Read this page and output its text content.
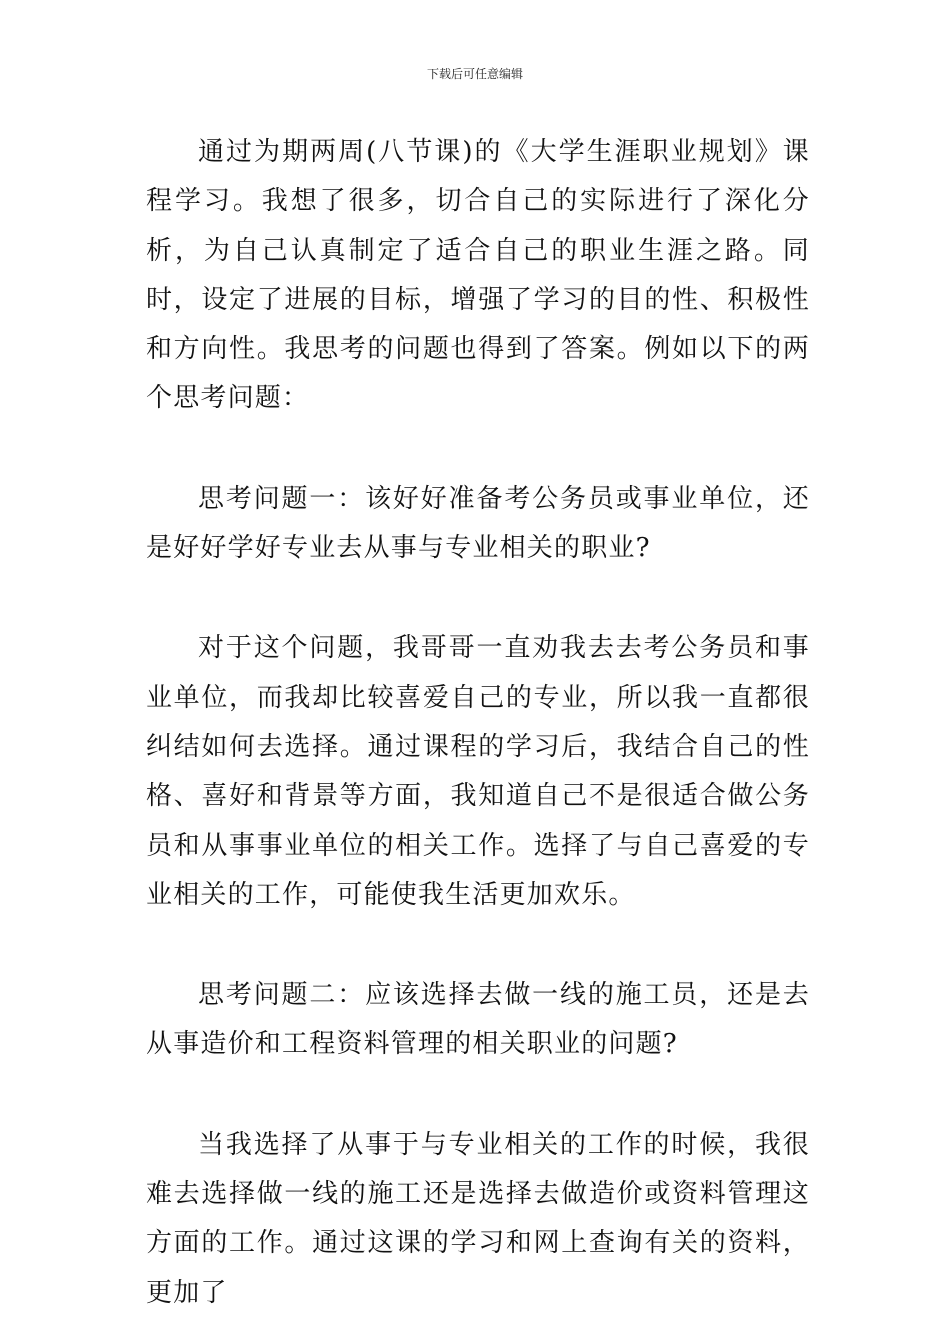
下载后可任意编辑

通过为期两周(八节课)的《大学生涯职业规划》课程学习。我想了很多，切合自己的实际进行了深化分析，为自己认真制定了适合自己的职业生涯之路。同时，设定了进展的目标，增强了学习的目的性、积极性和方向性。我思考的问题也得到了答案。例如以下的两个思考问题：

思考问题一：该好好准备考公务员或事业单位，还是好好学好专业去从事与专业相关的职业?

对于这个问题，我哥哥一直劝我去去考公务员和事业单位，而我却比较喜爱自己的专业，所以我一直都很纠结如何去选择。通过课程的学习后，我结合自己的性格、喜好和背景等方面，我知道自己不是很适合做公务员和从事事业单位的相关工作。选择了与自己喜爱的专业相关的工作，可能使我生活更加欢乐。

思考问题二：应该选择去做一线的施工员，还是去从事造价和工程资料管理的相关职业的问题?

当我选择了从事于与专业相关的工作的时候，我很难去选择做一线的施工还是选择去做造价或资料管理这方面的工作。通过这课的学习和网上查询有关的资料，更加了
